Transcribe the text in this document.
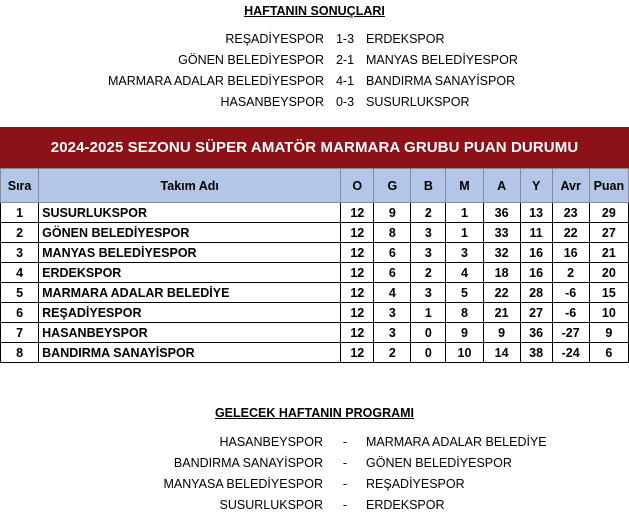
HAFTANIN SONUÇLARI
REŞADİYESPOR 1-3 ERDEKSPOR
GÖNEN BELEDİYESPOR 2-1 MANYAS BELEDİYESPOR
MARMARA ADALAR BELEDİYESPOR 4-1 BANDIRMA SANAYİSPOR
HASANBEYSPOR 0-3 SUSURLUKSPOR
2024-2025 SEZONU SÜPER AMATÖR MARMARA GRUBU PUAN DURUMU
Sıra	Takım Adı	O	G	B	M	A	Y	Avr	Puan
1	SUSURLUKSPOR	12	9	2	1	36	13	23	29
2	GÖNEN BELEDİYESPOR	12	8	3	1	33	11	22	27
3	MANYAS BELEDİYESPOR	12	6	3	3	32	16	16	21
4	ERDEKSPOR	12	6	2	4	18	16	2	20
5	MARMARA ADALAR BELEDİYE	12	4	3	5	22	28	-6	15
6	REŞADİYESPOR	12	3	1	8	21	27	-6	10
7	HASANBEYSPOR	12	3	0	9	9	36	-27	9
8	BANDIRMA SANAYİSPOR	12	2	0	10	14	38	-24	6
GELECEK HAFTANIN PROGRAMI
HASANBEYSPOR	-	MARMARA ADALAR BELEDİYE
BANDIRMA SANAYİSPOR	-	GÖNEN BELEDİYESPOR
MANYASA BELEDİYESPOR	-	REŞADİYESPOR
SUSURLUKSPOR	-	ERDEKSPOR
